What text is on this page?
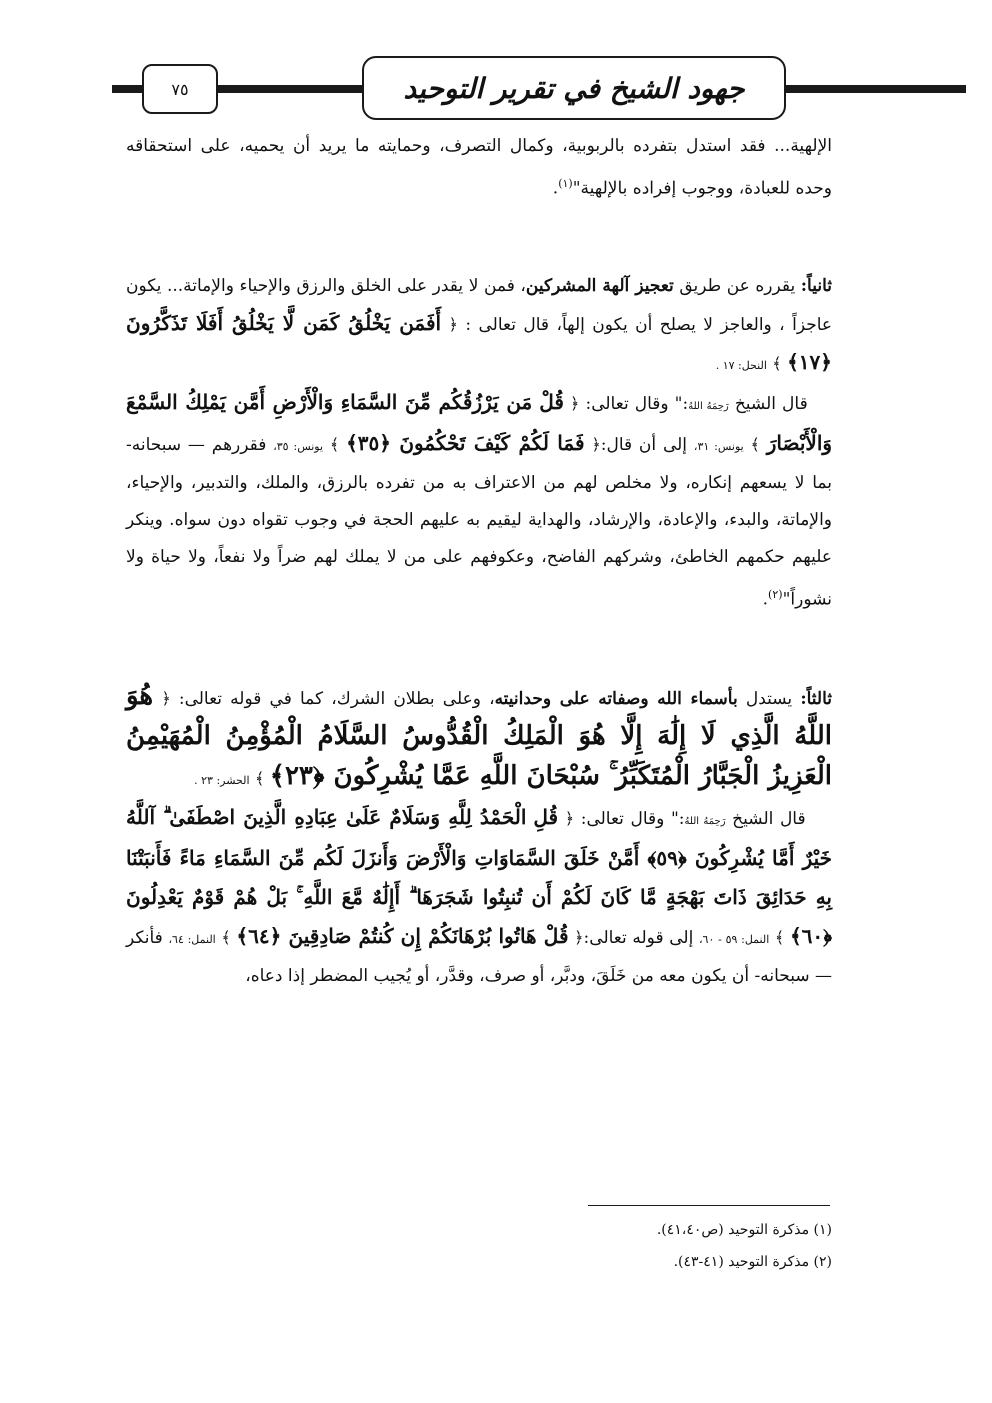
٧٥	جهود الشيخ في تقرير التوحيد

الإلهية... فقد استدل بتفرده بالربوبية، وكمال التصرف، وحمايته ما يريد أن يحميه، على استحقاقه وحده للعبادة، ووجوب إفراده بالإلهية"$^{(١)}$.

ثانياً: يقرره عن طريق تعجيز آلهة المشركين، فمن لا يقدر على الخلق والرزق والإحياء والإماتة... يكون عاجزاً ، والعاجز لا يصلح أن يكون إلهاً، قال تعالى : ﴿ أَفَمَن يَخْلُقُ كَمَن لَّا يَخْلُقُ أَفَلَا تَذَكَّرُونَ ﴿١٧﴾ ﴾ النحل: ١٧ .

قال الشيخ رَحِمَهُ اللهُ:" وقال تعالى: ﴿ قُلْ مَن يَرْزُقُكُم مِّنَ السَّمَاءِ وَالْأَرْضِ أَمَّن يَمْلِكُ السَّمْعَ وَالْأَبْصَارَ ﴾ يونس: ٣١، إلى أن قال:﴿ فَمَا لَكُمْ كَيْفَ تَحْكُمُونَ ﴿٣٥﴾ ﴾ يونس: ٣٥، فقررهم — سبحانه- بما لا يسعهم إنكاره، ولا مخلص لهم من الاعتراف به من تفرده بالرزق، والملك، والتدبير، والإحياء، والإماتة، والبدء، والإعادة، والإرشاد، والهداية ليقيم به عليهم الحجة في وجوب تقواه دون سواه. وينكر عليهم حكمهم الخاطئ، وشركهم الفاضح، وعكوفهم على من لا يملك لهم ضراً ولا نفعاً، ولا حياة ولا نشوراً"$^{(٢)}$.

ثالثاً: يستدل بأسماء الله وصفاته على وحدانيته، وعلى بطلان الشرك، كما في قوله تعالى: ﴿ هُوَ اللَّهُ الَّذِي لَا إِلَٰهَ إِلَّا هُوَ الْمَلِكُ الْقُدُّوسُ السَّلَامُ الْمُؤْمِنُ الْمُهَيْمِنُ الْعَزِيزُ الْجَبَّارُ الْمُتَكَبِّرُ ۚ سُبْحَانَ اللَّهِ عَمَّا يُشْرِكُونَ ﴿٢٣﴾ ﴾ الحشر: ٢٣ .

قال الشيخ رَحِمَهُ اللهُ:" وقال تعالى: ﴿ قُلِ الْحَمْدُ لِلَّهِ وَسَلَامٌ عَلَىٰ عِبَادِهِ الَّذِينَ اصْطَفَىٰ ۗ آللَّهُ خَيْرٌ أَمَّا يُشْرِكُونَ ﴿٥٩﴾ أَمَّنْ خَلَقَ السَّمَاوَاتِ وَالْأَرْضَ وَأَنزَلَ لَكُم مِّنَ السَّمَاءِ مَاءً فَأَنبَتْنَا بِهِ حَدَائِقَ ذَاتَ بَهْجَةٍ مَّا كَانَ لَكُمْ أَن تُنبِتُوا شَجَرَهَا ۗ أَإِلَٰهٌ مَّعَ اللَّهِ ۚ بَلْ هُمْ قَوْمٌ يَعْدِلُونَ ﴿٦٠﴾ ﴾ النمل: ٥٩ - ٦٠، إلى قوله تعالى:﴿ قُلْ هَاتُوا بُرْهَانَكُمْ إِن كُنتُمْ صَادِقِينَ ﴿٦٤﴾ ﴾ النمل: ٦٤، فأنكر — سبحانه- أن يكون معه من خَلَقَ، ودبَّر، أو صرف، وقدَّر، أو يُجيب المضطر إذا دعاه،

(١) مذكرة التوحيد (ص٤١،٤٠).
(٢) مذكرة التوحيد (٤١-٤٣).
